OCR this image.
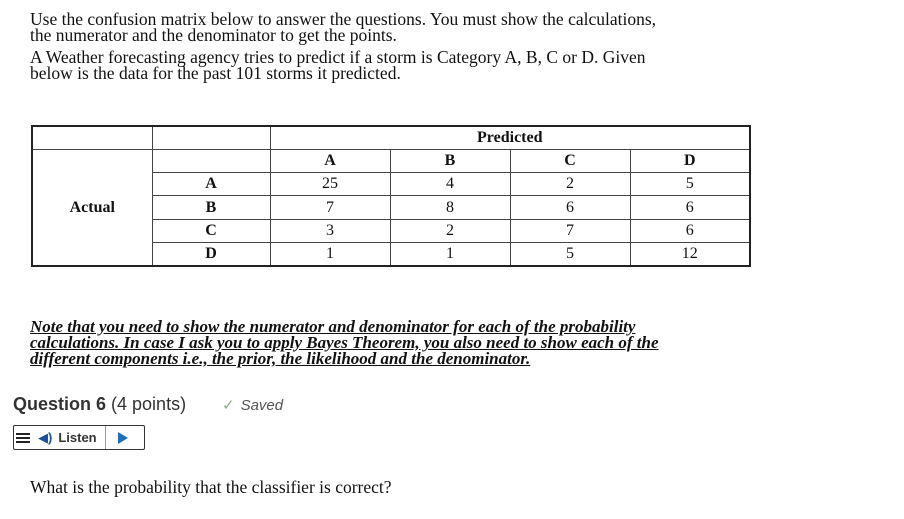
Use the confusion matrix below to answer the questions. You must show the calculations,
the numerator and the denominator to get the points.

A Weather forecasting agency tries to predict if a storm is Category A, B, C or D. Given
below is the data for the past 101 storms it predicted.

		Predicted			
Actual		A	B	C	D
	A	25	4	2	5
	B	7	8	6	6
	C	3	2	7	6
	D	1	1	5	12
Note that you need to show the numerator and denominator for each of the probability
calculations. In case I ask you to apply Bayes Theorem, you also need to show each of the
different components i.e., the prior, the likelihood and the denominator.
Question 6 (4 points) ✓ Saved
◀) Listen
What is the probability that the classifier is correct?
